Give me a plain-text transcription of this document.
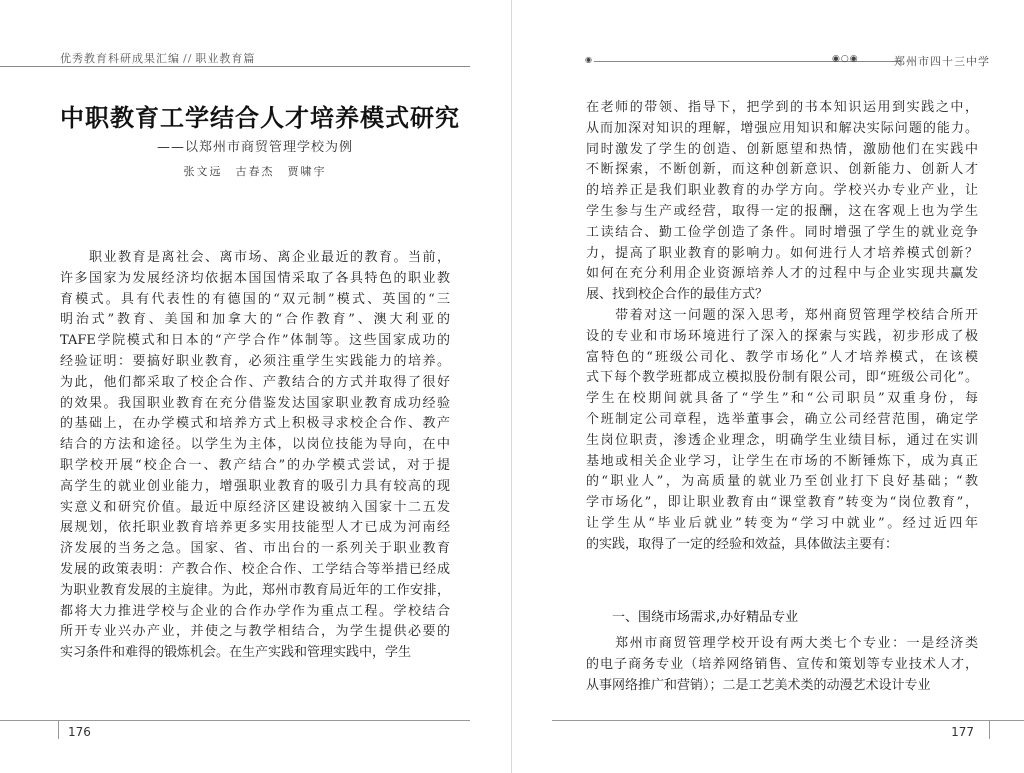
优秀教育科研成果汇编 // 职业教育篇
中职教育工学结合人才培养模式研究
——以郑州市商贸管理学校为例
张文远　古春杰　贾啸宇
　　职业教育是离社会、离市场、离企业最近的教育。当前，
许多国家为发展经济均依据本国国情采取了各具特色的职业教
育模式。具有代表性的有德国的“双元制”模式、英国的“三
明治式”教育、美国和加拿大的“合作教育”、澳大利亚的
TAFE学院模式和日本的“产学合作”体制等。这些国家成功的
经验证明：要搞好职业教育，必须注重学生实践能力的培养。
为此，他们都采取了校企合作、产教结合的方式并取得了很好
的效果。我国职业教育在充分借鉴发达国家职业教育成功经验
的基础上，在办学模式和培养方式上积极寻求校企合作、教产
结合的方法和途径。以学生为主体，以岗位技能为导向，在中
职学校开展“校企合一、教产结合”的办学模式尝试，对于提
高学生的就业创业能力，增强职业教育的吸引力具有较高的现
实意义和研究价值。最近中原经济区建设被纳入国家十二五发
展规划，依托职业教育培养更多实用技能型人才已成为河南经
济发展的当务之急。国家、省、市出台的一系列关于职业教育
发展的政策表明：产教合作、校企合作、工学结合等举措已经成
为职业教育发展的主旋律。为此，郑州市教育局近年的工作安排，
都将大力推进学校与企业的合作办学作为重点工程。学校结合
所开专业兴办产业，并使之与教学相结合，为学生提供必要的
实习条件和难得的锻炼机会。在生产实践和管理实践中，学生
176
◉	◉○◉	郑州市四十三中学
在老师的带领、指导下，把学到的书本知识运用到实践之中，
从而加深对知识的理解，增强应用知识和解决实际问题的能力。
同时激发了学生的创造、创新愿望和热情，激励他们在实践中
不断探索，不断创新，而这种创新意识、创新能力、创新人才
的培养正是我们职业教育的办学方向。学校兴办专业产业，让
学生参与生产或经营，取得一定的报酬，这在客观上也为学生
工读结合、勤工俭学创造了条件。同时增强了学生的就业竞争
力，提高了职业教育的影响力。如何进行人才培养模式创新？
如何在充分利用企业资源培养人才的过程中与企业实现共赢发
展、找到校企合作的最佳方式？
　　带着对这一问题的深入思考，郑州商贸管理学校结合所开
设的专业和市场环境进行了深入的探索与实践，初步形成了极
富特色的“班级公司化、教学市场化”人才培养模式，在该模
式下每个教学班都成立模拟股份制有限公司，即“班级公司化”。
学生在校期间就具备了“学生”和“公司职员”双重身份，每
个班制定公司章程，选举董事会，确立公司经营范围，确定学
生岗位职责，渗透企业理念，明确学生业绩目标，通过在实训
基地或相关企业学习，让学生在市场的不断锤炼下，成为真正
的“职业人”，为高质量的就业乃至创业打下良好基础；“教
学市场化”，即让职业教育由“课堂教育”转变为“岗位教育”，
让学生从“毕业后就业”转变为“学习中就业”。经过近四年
的实践，取得了一定的经验和效益，具体做法主要有：
一、围绕市场需求,办好精品专业
　　郑州市商贸管理学校开设有两大类七个专业：一是经济类
的电子商务专业（培养网络销售、宣传和策划等专业技术人才，
从事网络推广和营销）；二是工艺美术类的动漫艺术设计专业
177
